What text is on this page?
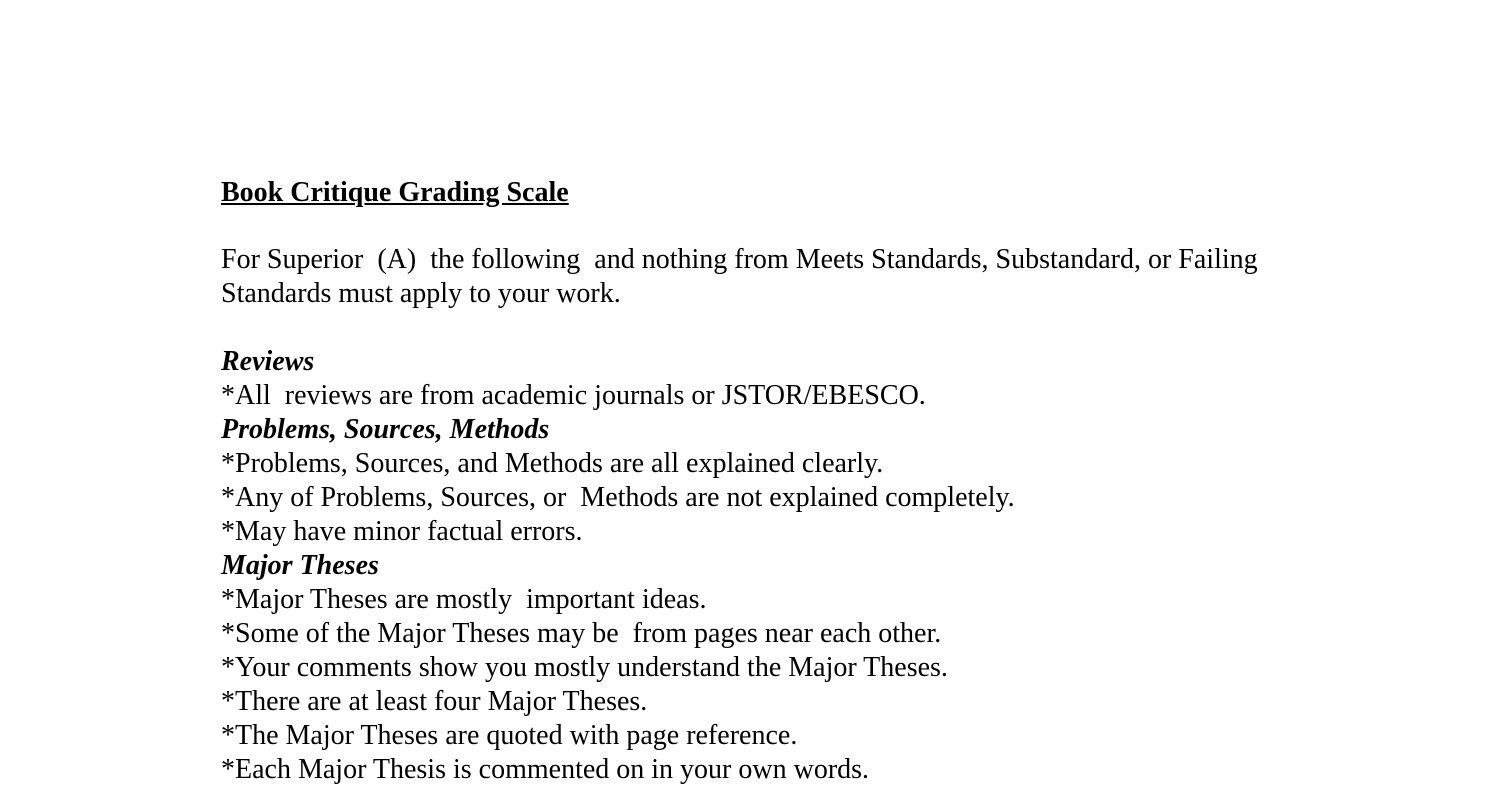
Book Critique Grading Scale

For Superior  (A)  the following  and nothing from Meets Standards, Substandard, or Failing Standards must apply to your work.

Reviews

*All  reviews are from academic journals or JSTOR/EBESCO.

Problems, Sources, Methods

*Problems, Sources, and Methods are all explained clearly.

*Any of Problems, Sources, or  Methods are not explained completely.

*May have minor factual errors.

Major Theses

*Major Theses are mostly  important ideas.

*Some of the Major Theses may be  from pages near each other.

*Your comments show you mostly understand the Major Theses.

*There are at least four Major Theses.

*The Major Theses are quoted with page reference.

*Each Major Thesis is commented on in your own words.
